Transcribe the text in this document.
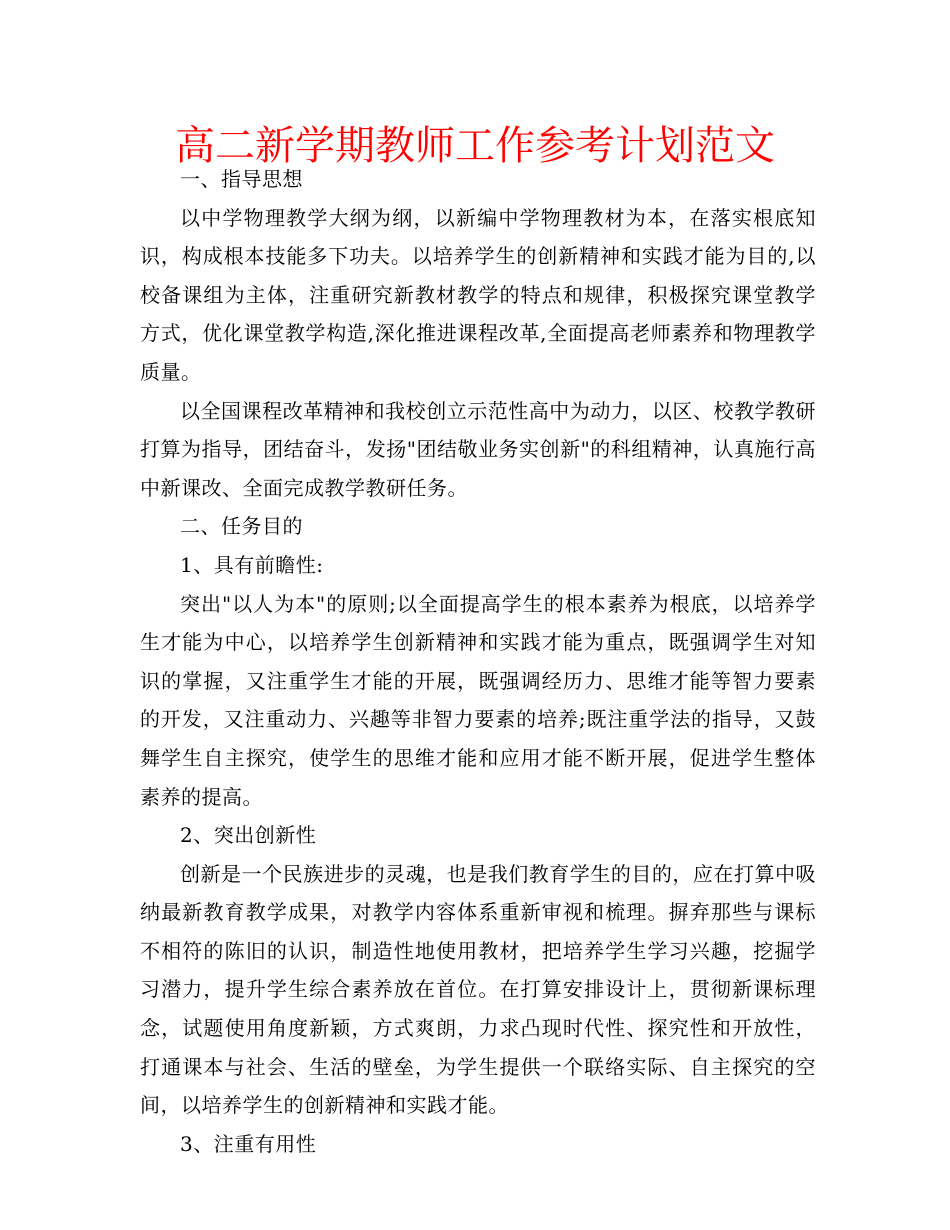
高二新学期教师工作参考计划范文

一、指导思想

以中学物理教学大纲为纲，以新编中学物理教材为本，在落实根底知识，构成根本技能多下功夫。以培养学生的创新精神和实践才能为目的,以校备课组为主体，注重研究新教材教学的特点和规律，积极探究课堂教学方式，优化课堂教学构造,深化推进课程改革,全面提高老师素养和物理教学质量。

以全国课程改革精神和我校创立示范性高中为动力，以区、校教学教研打算为指导，团结奋斗，发扬"团结敬业务实创新"的科组精神，认真施行高中新课改、全面完成教学教研任务。

二、任务目的

1、具有前瞻性:

突出"以人为本"的原则;以全面提高学生的根本素养为根底，以培养学生才能为中心，以培养学生创新精神和实践才能为重点，既强调学生对知识的掌握，又注重学生才能的开展，既强调经历力、思维才能等智力要素的开发，又注重动力、兴趣等非智力要素的培养;既注重学法的指导，又鼓舞学生自主探究，使学生的思维才能和应用才能不断开展，促进学生整体素养的提高。

2、突出创新性

创新是一个民族进步的灵魂，也是我们教育学生的目的，应在打算中吸纳最新教育教学成果，对教学内容体系重新审视和梳理。摒弃那些与课标不相符的陈旧的认识，制造性地使用教材，把培养学生学习兴趣，挖掘学习潜力，提升学生综合素养放在首位。在打算安排设计上，贯彻新课标理念，试题使用角度新颖，方式爽朗，力求凸现时代性、探究性和开放性，打通课本与社会、生活的壁垒，为学生提供一个联络实际、自主探究的空间，以培养学生的创新精神和实践才能。

3、注重有用性
